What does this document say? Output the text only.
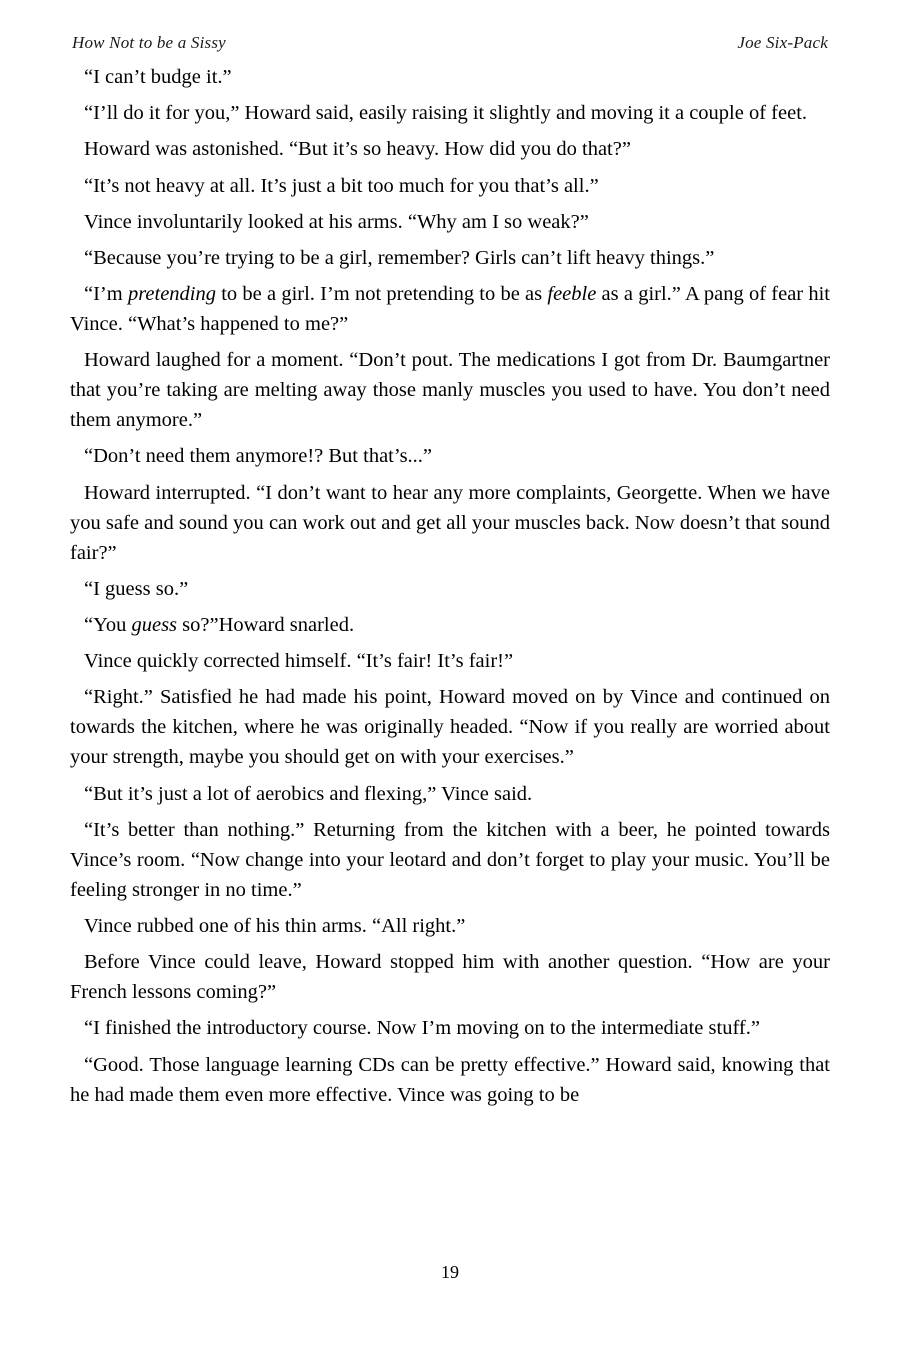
How Not to be a Sissy	Joe Six-Pack

“I can’t budge it.”

“I’ll do it for you,” Howard said, easily raising it slightly and moving it a couple of feet.

Howard was astonished. “But it’s so heavy. How did you do that?”

“It’s not heavy at all. It’s just a bit too much for you that’s all.”

Vince involuntarily looked at his arms. “Why am I so weak?”

“Because you’re trying to be a girl, remember? Girls can’t lift heavy things.”

“I’m pretending to be a girl. I’m not pretending to be as feeble as a girl.” A pang of fear hit Vince. “What’s happened to me?”

Howard laughed for a moment. “Don’t pout. The medications I got from Dr. Baumgartner that you’re taking are melting away those manly muscles you used to have. You don’t need them anymore.”

“Don’t need them anymore!? But that’s...”

Howard interrupted. “I don’t want to hear any more complaints, Georgette. When we have you safe and sound you can work out and get all your muscles back. Now doesn’t that sound fair?”

“I guess so.”

“You guess so?”Howard snarled.

Vince quickly corrected himself. “It’s fair! It’s fair!”

“Right.” Satisfied he had made his point, Howard moved on by Vince and continued on towards the kitchen, where he was originally headed. “Now if you really are worried about your strength, maybe you should get on with your exercises.”

“But it’s just a lot of aerobics and flexing,” Vince said.

“It’s better than nothing.” Returning from the kitchen with a beer, he pointed towards Vince’s room. “Now change into your leotard and don’t forget to play your music. You’ll be feeling stronger in no time.”

Vince rubbed one of his thin arms. “All right.”

Before Vince could leave, Howard stopped him with another question. “How are your French lessons coming?”

“I finished the introductory course. Now I’m moving on to the intermediate stuff.”

“Good. Those language learning CDs can be pretty effective.” Howard said, knowing that he had made them even more effective. Vince was going to be

19
